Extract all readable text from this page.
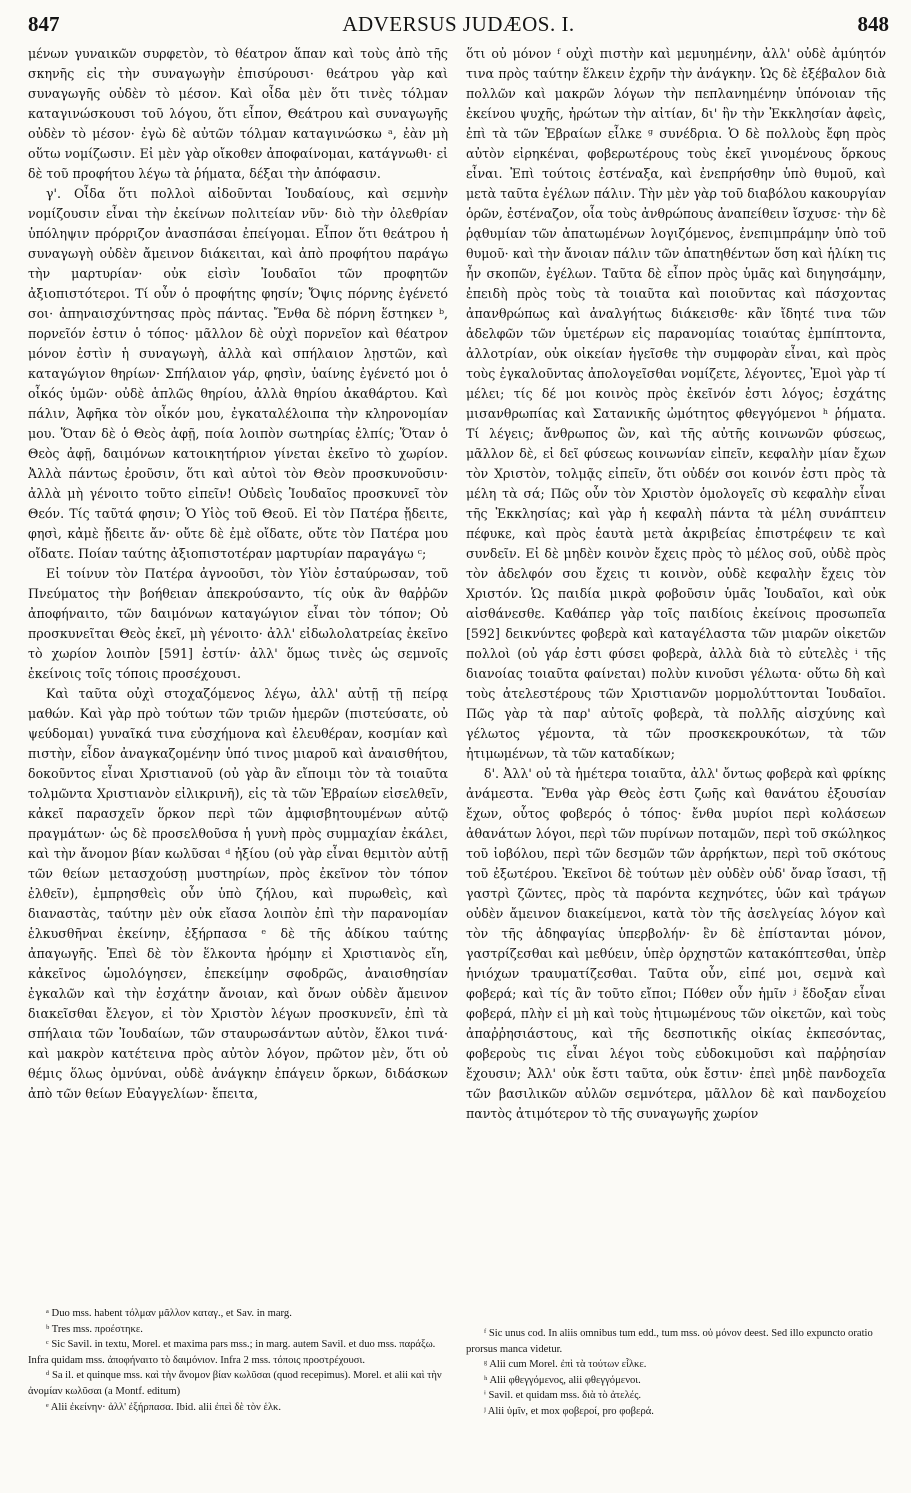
847	ADVERSUS JUDÆOS. I.	848

μένων γυναικῶν συρφετὸν, τὸ θέατρον ἅπαν καὶ τοὺς ἀπὸ τῆς σκηνῆς εἰς τὴν συναγωγὴν ἐπισύρουσι· θεάτρου γὰρ καὶ συναγωγῆς οὐδὲν τὸ μέσον. Καὶ οἶδα μὲν ὅτι τινὲς τόλμαν καταγινώσκουσι τοῦ λόγου, ὅτι εἶπον, Θεάτρου καὶ συναγωγῆς οὐδὲν τὸ μέσον· ἐγὼ δὲ αὐτῶν τόλμαν καταγινώσκω ᵃ, ἐὰν μὴ οὕτω νομίζωσιν. Εἰ μὲν γὰρ οἴκοθεν ἀποφαίνομαι, κατάγνωθι· εἰ δὲ τοῦ προφήτου λέγω τὰ ῥήματα, δέξαι τὴν ἀπόφασιν.

γ'. Οἶδα ὅτι πολλοὶ αἰδοῦνται Ἰουδαίους, καὶ σεμνὴν νομίζουσιν εἶναι τὴν ἐκείνων πολιτείαν νῦν· διὸ τὴν ὀλεθρίαν ὑπόληψιν πρόρριζον ἀνασπάσαι ἐπείγομαι. Εἶπον ὅτι θεάτρου ἡ συναγωγὴ οὐδὲν ἄμεινον διάκειται, καὶ ἀπὸ προφήτου παράγω τὴν μαρτυρίαν· οὐκ εἰσὶν Ἰουδαῖοι τῶν προφητῶν ἀξιοπιστότεροι. Τί οὖν ὁ προφήτης φησίν; Ὄψις πόρνης ἐγένετό σοι· ἀπηναισχύντησας πρὸς πάντας. Ἔνθα δὲ πόρνη ἕστηκεν ᵇ, πορνεῖόν ἐστιν ὁ τόπος· μᾶλλον δὲ οὐχὶ πορνεῖον καὶ θέατρον μόνον ἐστὶν ἡ συναγωγὴ, ἀλλὰ καὶ σπήλαιον λῃστῶν, καὶ καταγώγιον θηρίων· Σπήλαιον γάρ, φησὶν, ὑαίνης ἐγένετό μοι ὁ οἶκός ὑμῶν· οὐδὲ ἁπλῶς θηρίου, ἀλλὰ θηρίου ἀκαθάρτου. Καὶ πάλιν, Ἀφῆκα τὸν οἶκόν μου, ἐγκαταλέλοιπα τὴν κληρονομίαν μου. Ὅταν δὲ ὁ Θεὸς ἀφῇ, ποία λοιπὸν σωτηρίας ἐλπίς; Ὅταν ὁ Θεὸς ἀφῇ, δαιμόνων κατοικητήριον γίνεται ἐκεῖνο τὸ χωρίον. Ἀλλὰ πάντως ἐροῦσιν, ὅτι καὶ αὐτοὶ τὸν Θεὸν προσκυνοῦσιν· ἀλλὰ μὴ γένοιτο τοῦτο εἰπεῖν! Οὐδεὶς Ἰουδαῖος προσκυνεῖ τὸν Θεόν. Τίς ταῦτά φησιν; Ὁ Υἱὸς τοῦ Θεοῦ. Εἰ τὸν Πατέρα ᾔδειτε, φησὶ, κἀμὲ ᾔδειτε ἄν· οὔτε δὲ ἐμὲ οἴδατε, οὔτε τὸν Πατέρα μου οἴδατε. Ποίαν ταύτης ἀξιοπιστοτέραν μαρτυρίαν παραγάγω ᶜ;

Εἰ τοίνυν τὸν Πατέρα ἀγνοοῦσι, τὸν Υἱὸν ἐσταύρωσαν, τοῦ Πνεύματος τὴν βοήθειαν ἀπεκρούσαντο, τίς οὐκ ἂν θαῤῥῶν ἀποφήναιτο, τῶν δαιμόνων καταγώγιον εἶναι τὸν τόπον; Οὐ προσκυνεῖται Θεὸς ἐκεῖ, μὴ γένοιτο· ἀλλ' εἰδωλολατρείας ἐκεῖνο τὸ χωρίον λοιπὸν [591] ἐστίν· ἀλλ' ὅμως τινὲς ὡς σεμνοῖς ἐκείνοις τοῖς τόποις προσέχουσι.

Καὶ ταῦτα οὐχὶ στοχαζόμενος λέγω, ἀλλ' αὐτῇ τῇ πείρᾳ μαθών. Καὶ γὰρ πρὸ τούτων τῶν τριῶν ἡμερῶν (πιστεύσατε, οὐ ψεύδομαι) γυναῖκά τινα εὐσχήμονα καὶ ἐλευθέραν, κοσμίαν καὶ πιστὴν, εἶδον ἀναγκαζομένην ὑπό τινος μιαροῦ καὶ ἀναισθήτου, δοκοῦντος εἶναι Χριστιανοῦ (οὐ γὰρ ἂν εἴποιμι τὸν τὰ τοιαῦτα τολμῶντα Χριστιανὸν εἰλικρινῆ), εἰς τὰ τῶν Ἑβραίων εἰσελθεῖν, κἀκεῖ παρασχεῖν ὅρκον περὶ τῶν ἀμφισβητουμένων αὐτῷ πραγμάτων· ὡς δὲ προσελθοῦσα ἡ γυνὴ πρὸς συμμαχίαν ἐκάλει, καὶ τὴν ἄνομον βίαν κωλῦσαι ᵈ ἠξίου (οὐ γὰρ εἶναι θεμιτὸν αὐτῇ τῶν θείων μετασχούσῃ μυστηρίων, πρὸς ἐκεῖνον τὸν τόπον ἐλθεῖν), ἐμπρησθεὶς οὖν ὑπὸ ζήλου, καὶ πυρωθεὶς, καὶ διαναστὰς, ταύτην μὲν οὐκ εἴασα λοιπὸν ἐπὶ τὴν παρανομίαν ἑλκυσθῆναι ἐκείνην, ἐξήρπασα ᵉ δὲ τῆς ἀδίκου ταύτης ἀπαγωγῆς. Ἐπεὶ δὲ τὸν ἕλκοντα ἠρόμην εἰ Χριστιανὸς εἴη, κἀκεῖνος ὡμολόγησεν, ἐπεκείμην σφοδρῶς, ἀναισθησίαν ἐγκαλῶν καὶ τὴν ἐσχάτην ἄνοιαν, καὶ ὄνων οὐδὲν ἄμεινον διακεῖσθαι ἔλεγον, εἰ τὸν Χριστὸν λέγων προσκυνεῖν, ἐπὶ τὰ σπήλαια τῶν Ἰουδαίων, τῶν σταυρωσάντων αὐτὸν, ἕλκοι τινά· καὶ μακρὸν κατέτεινα πρὸς αὐτὸν λόγον, πρῶτον μὲν, ὅτι οὐ θέμις ὅλως ὀμνύναι, οὐδὲ ἀνάγκην ἐπάγειν ὅρκων, διδάσκων ἀπὸ τῶν θείων Εὐαγγελίων· ἔπειτα,

ᵃ Duo mss. habent τόλμαν μᾶλλον καταγ., et Sav. in marg.

ᵇ Tres mss. προέστηκε.

ᶜ Sic Savil. in textu, Morel. et maxima pars mss.; in marg. autem Savil. et duo mss. παράξω. Infra quidam mss. ἀποφήναιτο τὸ δαιμόνιον. Infra 2 mss. τόποις προστρέχουσι.

ᵈ Sa il. et quinque mss. καὶ τὴν ἄνομον βίαν κωλῦσαι (quod recepimus). Morel. et alii καὶ τὴν ἀνομίαν κωλῦσαι (a Montf. editum)

ᵉ Alii ἐκείνην· ἀλλ' ἐξήρπασα. Ibid. alii ἐπεὶ δὲ τὸν ἑλκ.

ὅτι οὐ μόνον ᶠ οὐχὶ πιστὴν καὶ μεμυημένην, ἀλλ' οὐδὲ ἀμύητόν τινα πρὸς ταύτην ἕλκειν ἐχρῆν τὴν ἀνάγκην. Ὡς δὲ ἐξέβαλον διὰ πολλῶν καὶ μακρῶν λόγων τὴν πεπλανημένην ὑπόνοιαν τῆς ἐκείνου ψυχῆς, ἠρώτων τὴν αἰτίαν, δι' ἣν τὴν Ἐκκλησίαν ἀφεὶς, ἐπὶ τὰ τῶν Ἑβραίων εἷλκε ᵍ συνέδρια. Ὁ δὲ πολλοὺς ἔφη πρὸς αὐτὸν εἰρηκέναι, φοβερωτέρους τοὺς ἐκεῖ γινομένους ὅρκους εἶναι. Ἐπὶ τούτοις ἐστέναξα, καὶ ἐνεπρήσθην ὑπὸ θυμοῦ, καὶ μετὰ ταῦτα ἐγέλων πάλιν. Τὴν μὲν γὰρ τοῦ διαβόλου κακουργίαν ὁρῶν, ἐστέναζον, οἷα τοὺς ἀνθρώπους ἀναπείθειν ἴσχυσε· τὴν δὲ ῥᾳθυμίαν τῶν ἀπατωμένων λογιζόμενος, ἐνεπιμπράμην ὑπὸ τοῦ θυμοῦ· καὶ τὴν ἄνοιαν πάλιν τῶν ἀπατηθέντων ὅση καὶ ἡλίκη τις ἦν σκοπῶν, ἐγέλων. Ταῦτα δὲ εἶπον πρὸς ὑμᾶς καὶ διηγησάμην, ἐπειδὴ πρὸς τοὺς τὰ τοιαῦτα καὶ ποιοῦντας καὶ πάσχοντας ἀπανθρώπως καὶ ἀναλγήτως διάκεισθε· κἂν ἴδητέ τινα τῶν ἀδελφῶν τῶν ὑμετέρων εἰς παρανομίας τοιαύτας ἐμπίπτοντα, ἀλλοτρίαν, οὐκ οἰκείαν ἡγεῖσθε τὴν συμφορὰν εἶναι, καὶ πρὸς τοὺς ἐγκαλοῦντας ἀπολογεῖσθαι νομίζετε, λέγοντες, Ἐμοὶ γὰρ τί μέλει; τίς δέ μοι κοινὸς πρὸς ἐκεῖνόν ἐστι λόγος; ἐσχάτης μισανθρωπίας καὶ Σατανικῆς ὠμότητος φθεγγόμενοι ʰ ῥήματα. Τί λέγεις; ἄνθρωπος ὢν, καὶ τῆς αὐτῆς κοινωνῶν φύσεως, μᾶλλον δὲ, εἰ δεῖ φύσεως κοινωνίαν εἰπεῖν, κεφαλὴν μίαν ἔχων τὸν Χριστὸν, τολμᾷς εἰπεῖν, ὅτι οὐδέν σοι κοινόν ἐστι πρὸς τὰ μέλη τὰ σά; Πῶς οὖν τὸν Χριστὸν ὁμολογεῖς σὺ κεφαλὴν εἶναι τῆς Ἐκκλησίας; καὶ γὰρ ἡ κεφαλὴ πάντα τὰ μέλη συνάπτειν πέφυκε, καὶ πρὸς ἑαυτὰ μετὰ ἀκριβείας ἐπιστρέφειν τε καὶ συνδεῖν. Εἰ δὲ μηδὲν κοινὸν ἔχεις πρὸς τὸ μέλος σοῦ, οὐδὲ πρὸς τὸν ἀδελφόν σου ἔχεις τι κοινὸν, οὐδὲ κεφαλὴν ἔχεις τὸν Χριστόν. Ὡς παιδία μικρὰ φοβοῦσιν ὑμᾶς Ἰουδαῖοι, καὶ οὐκ αἰσθάνεσθε. Καθάπερ γὰρ τοῖς παιδίοις ἐκείνοις προσωπεῖα [592] δεικνύντες φοβερὰ καὶ καταγέλαστα τῶν μιαρῶν οἰκετῶν πολλοὶ (οὐ γάρ ἐστι φύσει φοβερὰ, ἀλλὰ διὰ τὸ εὐτελὲς ⁱ τῆς διανοίας τοιαῦτα φαίνεται) πολὺν κινοῦσι γέλωτα· οὕτω δὴ καὶ τοὺς ἀτελεστέρους τῶν Χριστιανῶν μορμολύττονται Ἰουδαῖοι. Πῶς γὰρ τὰ παρ' αὐτοῖς φοβερὰ, τὰ πολλῆς αἰσχύνης καὶ γέλωτος γέμοντα, τὰ τῶν προσκεκρουκότων, τὰ τῶν ἠτιμωμένων, τὰ τῶν καταδίκων;

δ'. Ἀλλ' οὐ τὰ ἡμέτερα τοιαῦτα, ἀλλ' ὄντως φοβερὰ καὶ φρίκης ἀνάμεστα. Ἔνθα γὰρ Θεὸς ἐστι ζωῆς καὶ θανάτου ἐξουσίαν ἔχων, οὗτος φοβερός ὁ τόπος· ἔνθα μυρίοι περὶ κολάσεων ἀθανάτων λόγοι, περὶ τῶν πυρίνων ποταμῶν, περὶ τοῦ σκώληκος τοῦ ἰοβόλου, περὶ τῶν δεσμῶν τῶν ἀρρήκτων, περὶ τοῦ σκότους τοῦ ἐξωτέρου. Ἐκεῖνοι δὲ τούτων μὲν οὐδὲν οὐδ' ὄναρ ἴσασι, τῇ γαστρὶ ζῶντες, πρὸς τὰ παρόντα κεχηνότες, ὑῶν καὶ τράγων οὐδὲν ἄμεινον διακείμενοι, κατὰ τὸν τῆς ἀσελγείας λόγον καὶ τὸν τῆς ἀδηφαγίας ὑπερβολήν· ἓν δὲ ἐπίστανται μόνον, γαστρίζεσθαι καὶ μεθύειν, ὑπὲρ ὀρχηστῶν κατακόπτεσθαι, ὑπὲρ ἡνιόχων τραυματίζεσθαι. Ταῦτα οὖν, εἰπέ μοι, σεμνὰ καὶ φοβερά; καὶ τίς ἂν τοῦτο εἴποι; Πόθεν οὖν ἡμῖν ʲ ἔδοξαν εἶναι φοβερά, πλὴν εἰ μὴ καὶ τοὺς ἠτιμωμένους τῶν οἰκετῶν, καὶ τοὺς ἀπαῤῥησιάστους, καὶ τῆς δεσποτικῆς οἰκίας ἐκπεσόντας, φοβεροὺς τις εἶναι λέγοι τοὺς εὐδοκιμοῦσι καὶ παῤῥησίαν ἔχουσιν; Ἀλλ' οὐκ ἔστι ταῦτα, οὐκ ἔστιν· ἐπεὶ μηδὲ πανδοχεῖα τῶν βασιλικῶν αὐλῶν σεμνότερα, μᾶλλον δὲ καὶ πανδοχείου παντὸς ἀτιμότερον τὸ τῆς συναγωγῆς χωρίον

ᶠ Sic unus cod. In aliis omnibus tum edd., tum mss. οὐ μόνον deest. Sed illo expuncto oratio prorsus manca videtur.

ᵍ Alii cum Morel. ἐπὶ τὰ τούτων εἷλκε.

ʰ Alii φθεγγόμενος, alii φθεγγόμενοι.

ⁱ Savil. et quidam mss. διὰ τὸ ἀτελές.

ʲ Alii ὑμῖν, et mox φοβεροί, pro φοβερά.
